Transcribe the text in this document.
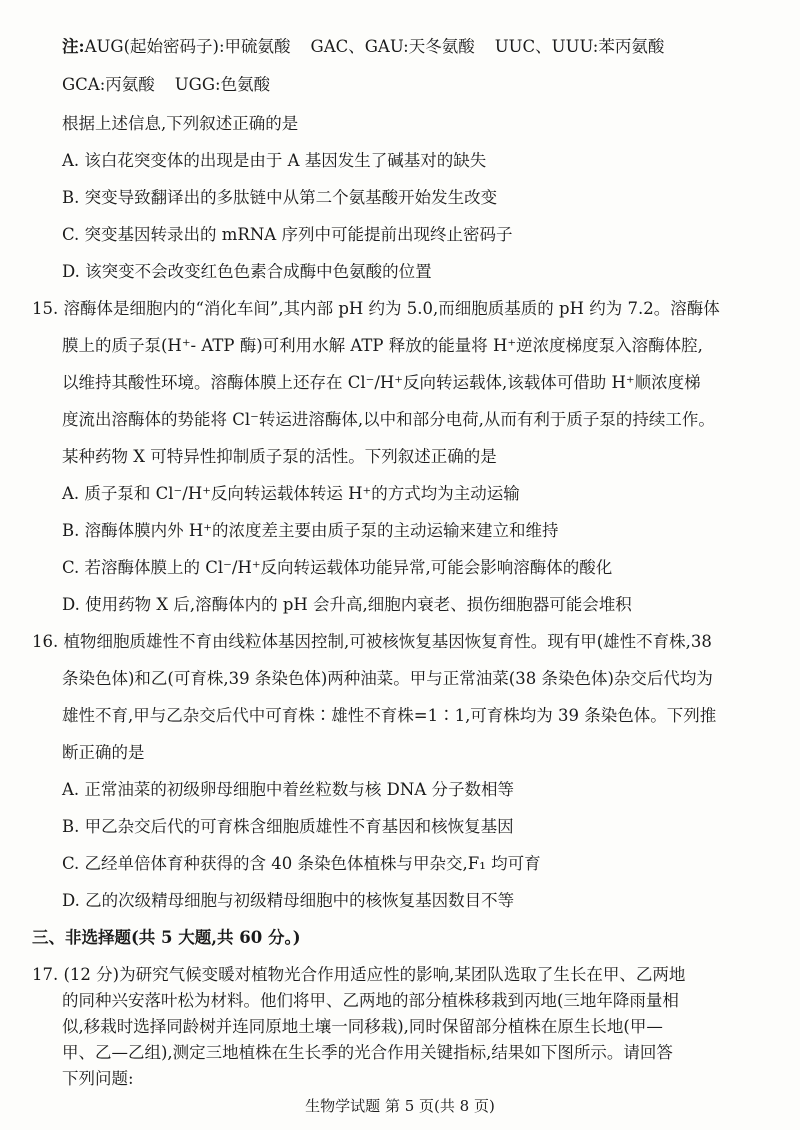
注:AUG(起始密码子):甲硫氨酸 GAC、GAU:天冬氨酸 UUC、UUU:苯丙氨酸
GCA:丙氨酸 UGG:色氨酸
根据上述信息,下列叙述正确的是
A. 该白花突变体的出现是由于 A 基因发生了碱基对的缺失
B. 突变导致翻译出的多肽链中从第二个氨基酸开始发生改变
C. 突变基因转录出的 mRNA 序列中可能提前出现终止密码子
D. 该突变不会改变红色色素合成酶中色氨酸的位置
15. 溶酶体是细胞内的“消化车间”,其内部 pH 约为 5.0,而细胞质基质的 pH 约为 7.2。溶酶体
膜上的质子泵(H⁺- ATP 酶)可利用水解 ATP 释放的能量将 H⁺逆浓度梯度泵入溶酶体腔,
以维持其酸性环境。溶酶体膜上还存在 Cl⁻/H⁺反向转运载体,该载体可借助 H⁺顺浓度梯
度流出溶酶体的势能将 Cl⁻转运进溶酶体,以中和部分电荷,从而有利于质子泵的持续工作。
某种药物 X 可特异性抑制质子泵的活性。下列叙述正确的是
A. 质子泵和 Cl⁻/H⁺反向转运载体转运 H⁺的方式均为主动运输
B. 溶酶体膜内外 H⁺的浓度差主要由质子泵的主动运输来建立和维持
C. 若溶酶体膜上的 Cl⁻/H⁺反向转运载体功能异常,可能会影响溶酶体的酸化
D. 使用药物 X 后,溶酶体内的 pH 会升高,细胞内衰老、损伤细胞器可能会堆积
16. 植物细胞质雄性不育由线粒体基因控制,可被核恢复基因恢复育性。现有甲(雄性不育株,38
条染色体)和乙(可育株,39 条染色体)两种油菜。甲与正常油菜(38 条染色体)杂交后代均为
雄性不育,甲与乙杂交后代中可育株∶雄性不育株=1∶1,可育株均为 39 条染色体。下列推
断正确的是
A. 正常油菜的初级卵母细胞中着丝粒数与核 DNA 分子数相等
B. 甲乙杂交后代的可育株含细胞质雄性不育基因和核恢复基因
C. 乙经单倍体育种获得的含 40 条染色体植株与甲杂交,F₁ 均可育
D. 乙的次级精母细胞与初级精母细胞中的核恢复基因数目不等
三、非选择题(共 5 大题,共 60 分。)
17. (12 分)为研究气候变暖对植物光合作用适应性的影响,某团队选取了生长在甲、乙两地
的同种兴安落叶松为材料。他们将甲、乙两地的部分植株移栽到丙地(三地年降雨量相
似,移栽时选择同龄树并连同原地土壤一同移栽),同时保留部分植株在原生长地(甲—
甲、乙—乙组),测定三地植株在生长季的光合作用关键指标,结果如下图所示。请回答
下列问题:
生物学试题 第 5 页(共 8 页)
